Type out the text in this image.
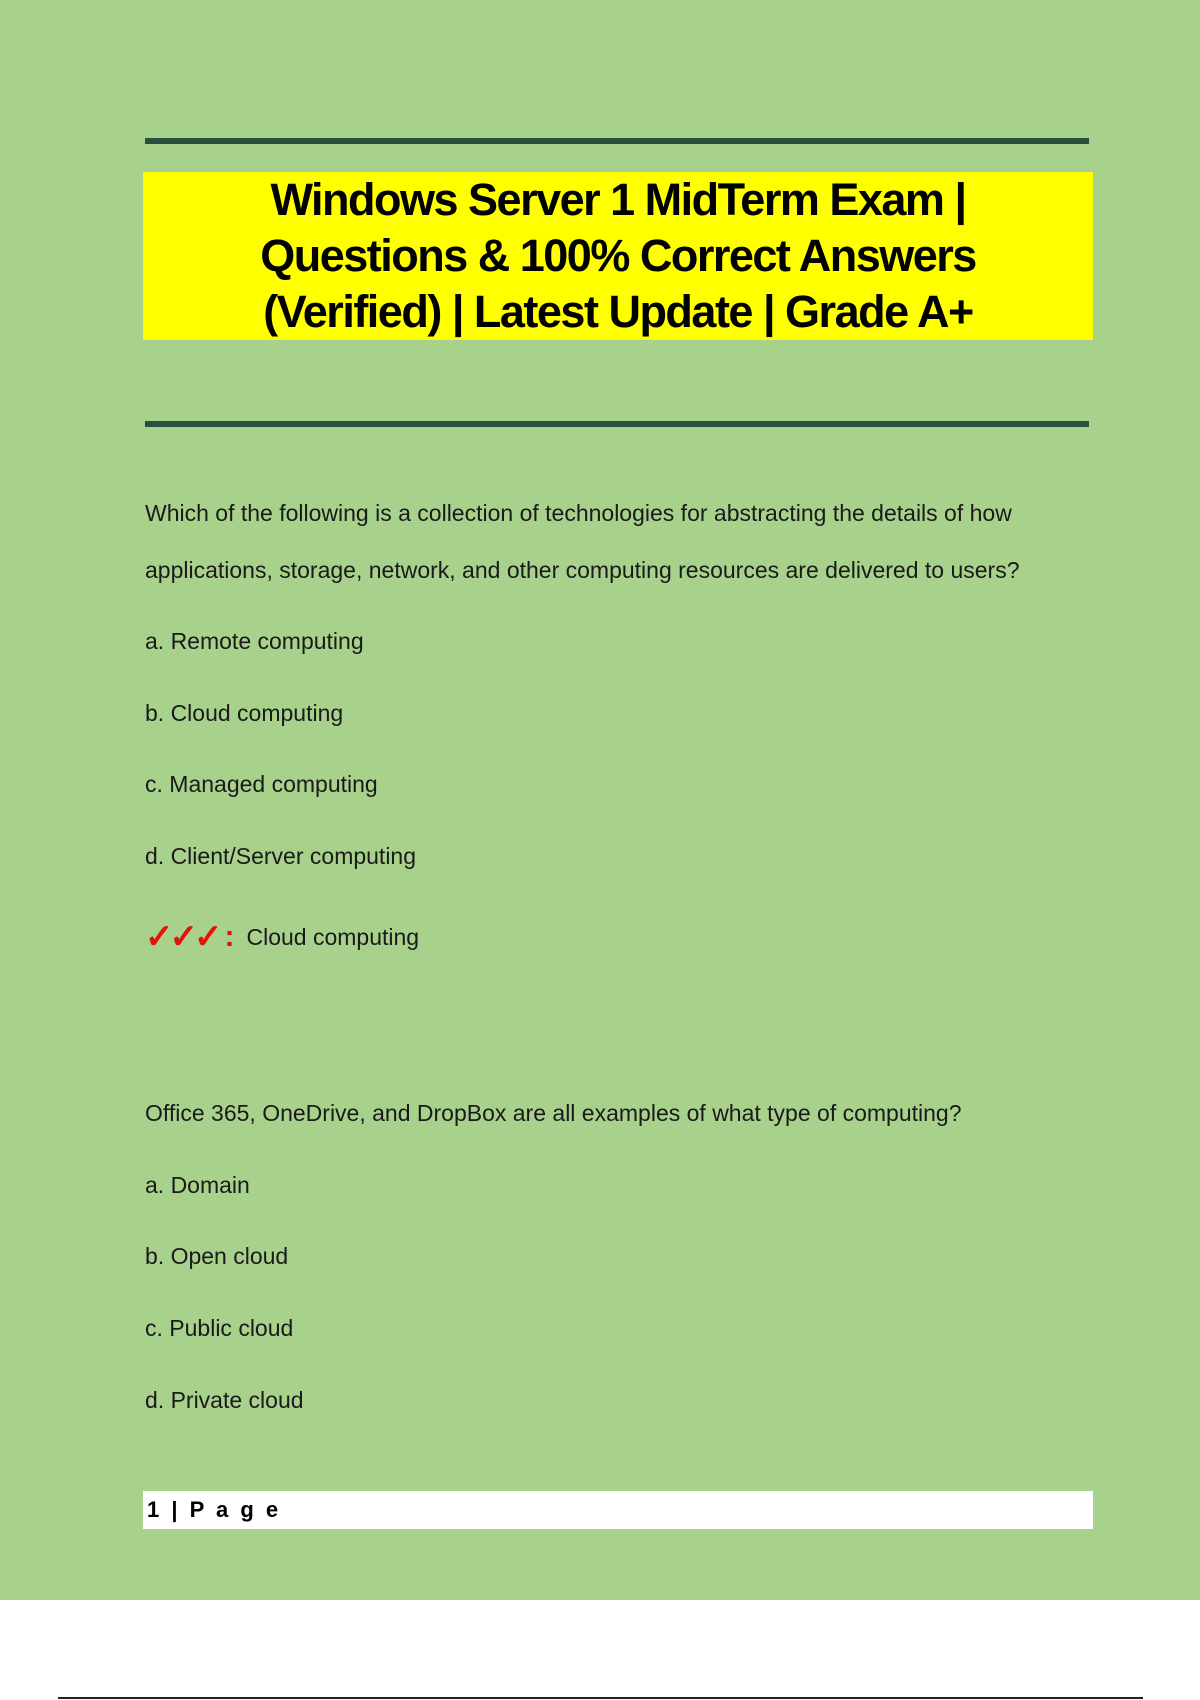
Windows Server 1 MidTerm Exam |
Questions & 100% Correct Answers
(Verified) | Latest Update | Grade A+

Which of the following is a collection of technologies for abstracting the details of how applications, storage, network, and other computing resources are delivered to users?

a. Remote computing

b. Cloud computing

c. Managed computing

d. Client/Server computing

✓✓✓ : Cloud computing

Office 365, OneDrive, and DropBox are all examples of what type of computing?

a. Domain

b. Open cloud

c. Public cloud

d. Private cloud

1 | P a g e
